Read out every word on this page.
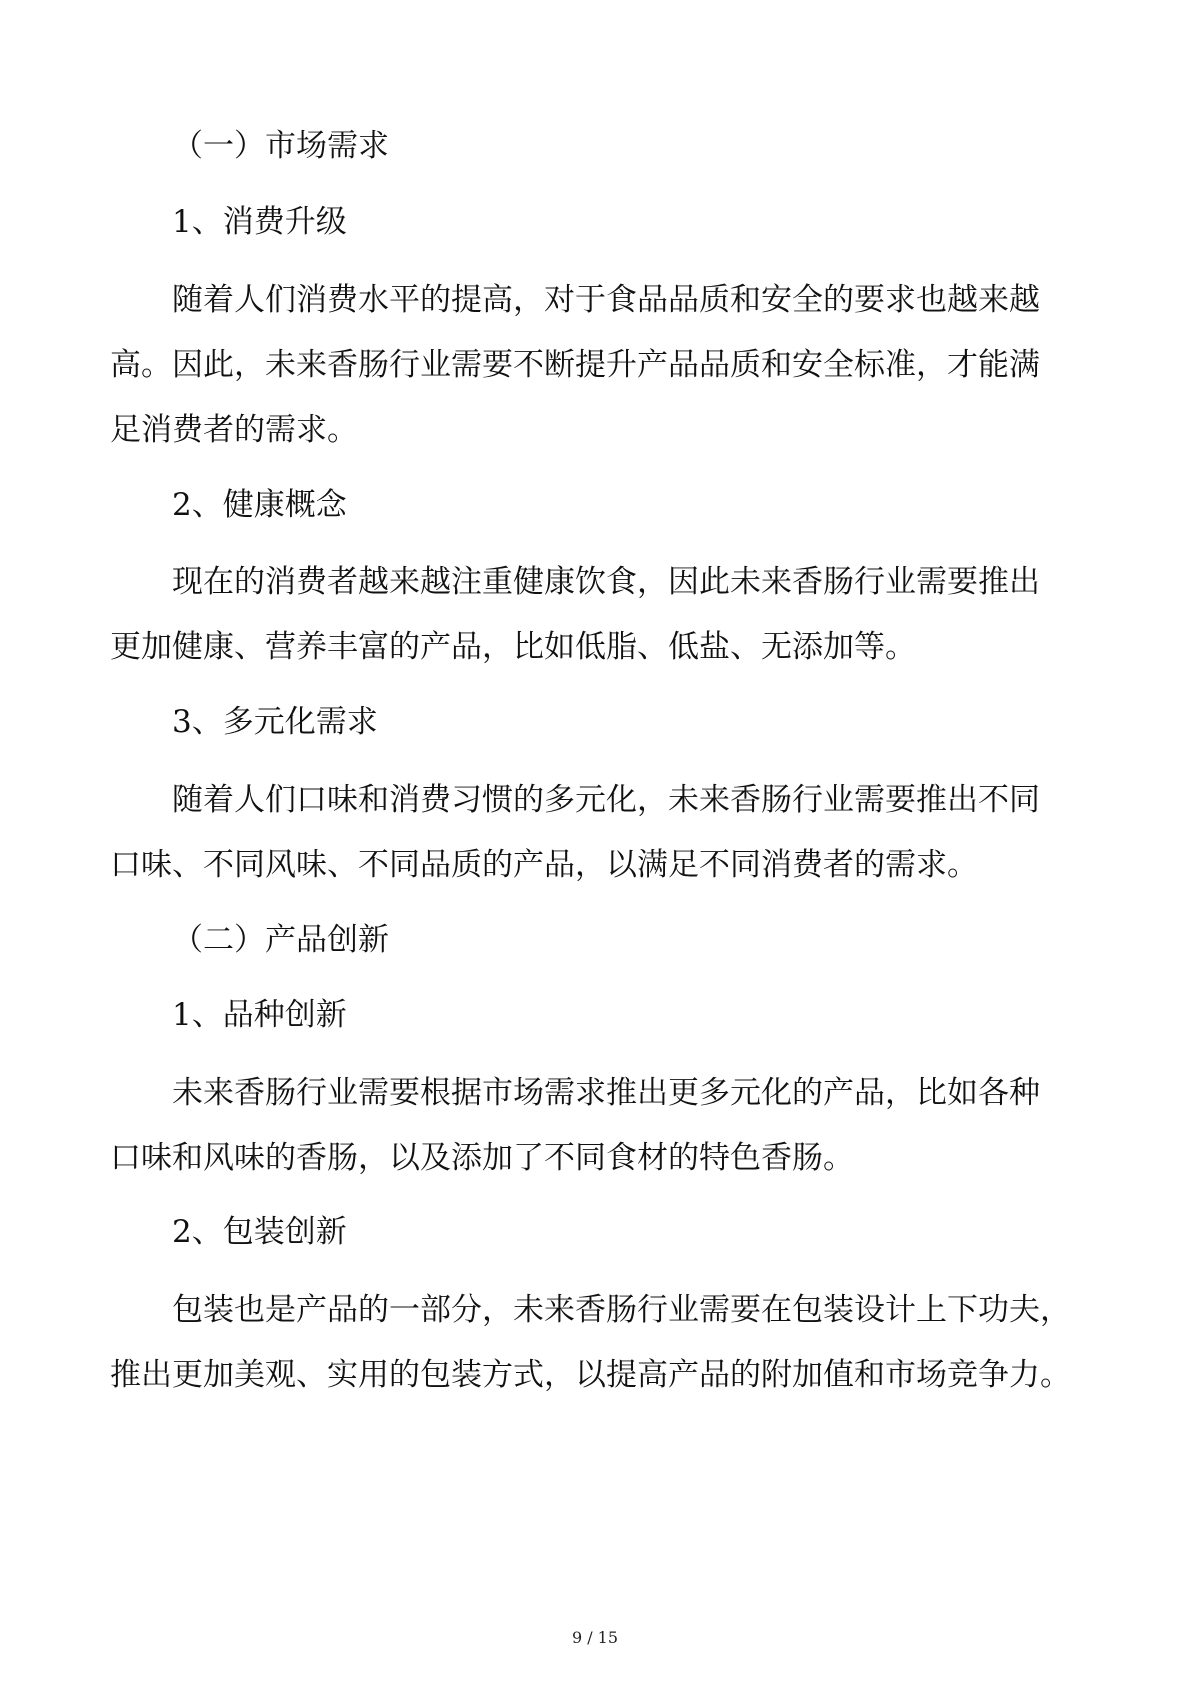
（一）市场需求

1、消费升级

随着人们消费水平的提高，对于食品品质和安全的要求也越来越

高。因此，未来香肠行业需要不断提升产品品质和安全标准，才能满

足消费者的需求。

2、健康概念

现在的消费者越来越注重健康饮食，因此未来香肠行业需要推出

更加健康、营养丰富的产品，比如低脂、低盐、无添加等。

3、多元化需求

随着人们口味和消费习惯的多元化，未来香肠行业需要推出不同

口味、不同风味、不同品质的产品，以满足不同消费者的需求。

（二）产品创新

1、品种创新

未来香肠行业需要根据市场需求推出更多元化的产品，比如各种

口味和风味的香肠，以及添加了不同食材的特色香肠。

2、包装创新

包装也是产品的一部分，未来香肠行业需要在包装设计上下功夫，

推出更加美观、实用的包装方式，以提高产品的附加值和市场竞争力。

9 / 15
